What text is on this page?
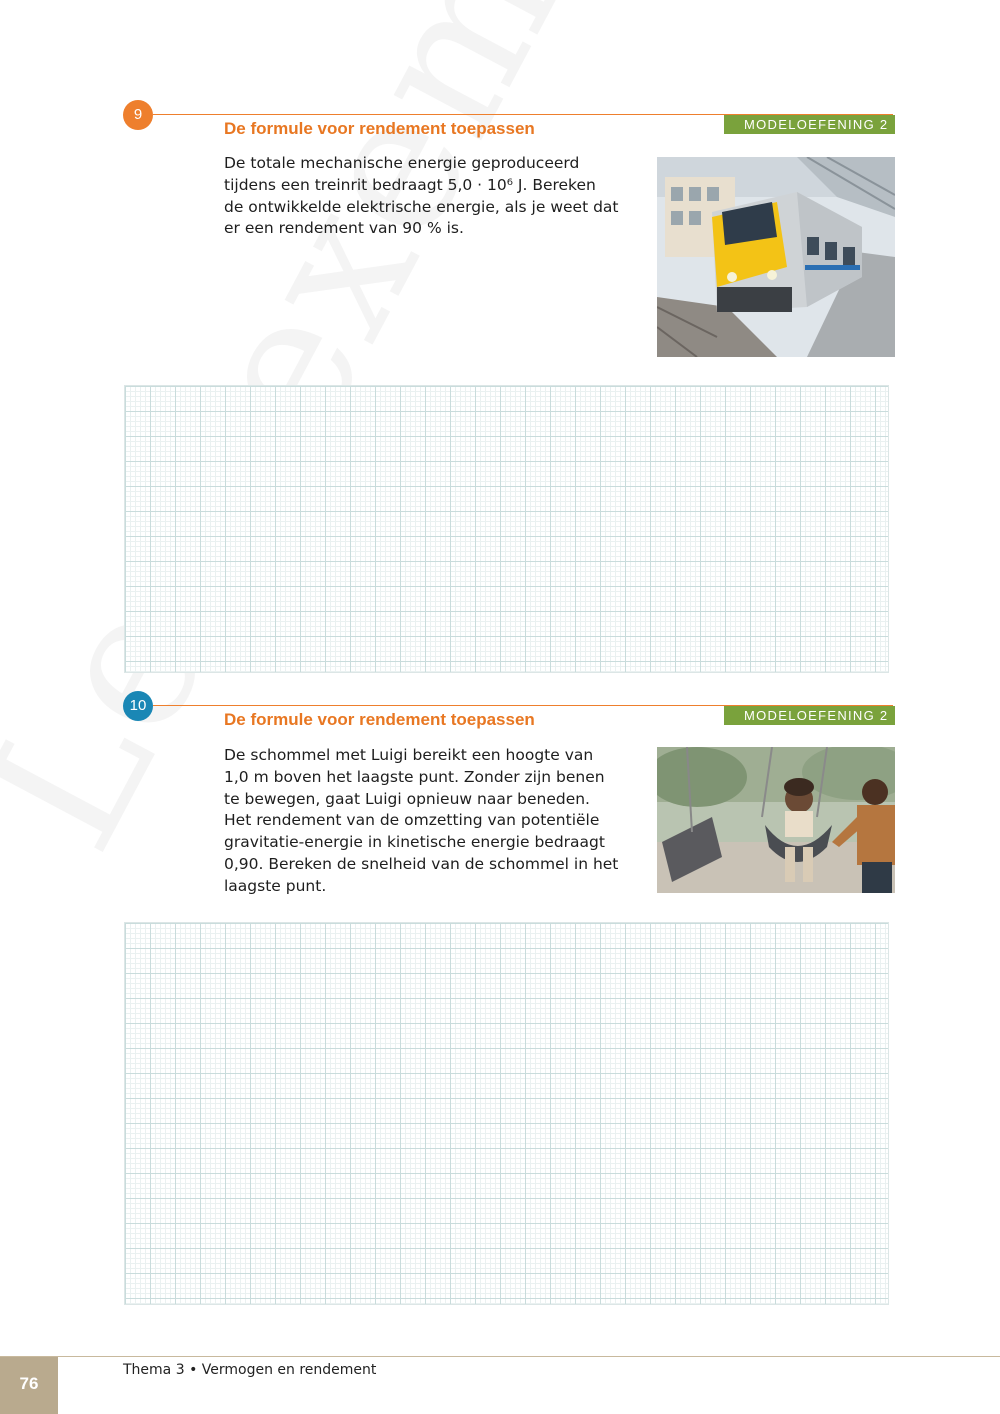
9
De formule voor rendement toepassen	MODELOEFENING 2
De totale mechanische energie geproduceerd tijdens een treinrit bedraagt 5,0 · 10⁶ J. Bereken de ontwikkelde elektrische energie, als je weet dat er een rendement van 90 % is.
10
De formule voor rendement toepassen	MODELOEFENING 2
De schommel met Luigi bereikt een hoogte van 1,0 m boven het laagste punt. Zonder zijn benen te bewegen, gaat Luigi opnieuw naar beneden. Het rendement van de omzetting van potentiële gravitatie-energie in kinetische energie bedraagt 0,90. Bereken de snelheid van de schommel in het laagste punt.
76
Thema 3 • Vermogen en rendement
